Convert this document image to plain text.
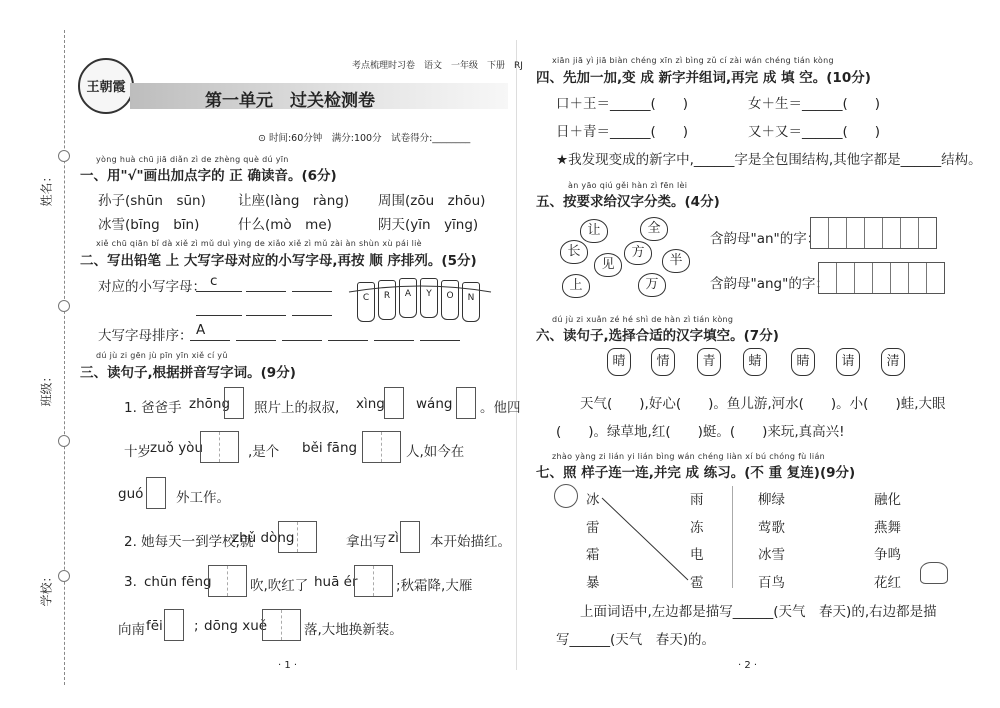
姓名：
班级：
学校：
王朝霞
考点梳理时习卷　语文　一年级　下册　RJ
第一单元　过关检测卷
⊙ 时间:60分钟　满分:100分　试卷得分:________
yòng huà chū jiā diǎn zì de zhèng què dú yīn
一、用"√"画出加点字的 正 确读音。(6分)
孙子(shūn　sūn) 让座(làng　ràng) 周围(zōu　zhōu)
冰雪(bīng　bīn)	什么(mò　me)	阴天(yīn　yīng)
xiě chū qiān bǐ dà xiě zì mǔ duì yìng de xiǎo xiě zì mǔ zài àn shùn xù pái liè
二、写出铅笔 上 大写字母对应的小写字母,再按 顺 序排列。(5分)
对应的小写字母： c
C	R	A	Y	O	N
大写字母排序： A
dú jù zi gēn jù pīn yīn xiě cí yǔ
三、读句子,根据拼音写字词。(9分)
1. 爸爸手 zhōng 照片上的叔叔, xìng wáng 。他四
十岁 zuǒ yòu	,是个 běi fāng	人,如今在
guó 外工作。
2. 她每天一到学校,就
zhǔ dòng	拿出写 zì 本开始描红。
3. chūn fēng	吹,吹红了 huā ér	;秋霜降,大雁
向南 fēi ; dōng xuě	落,大地换新装。
· 1 ·
xiān jiā yì jiā biàn chéng xīn zì bìng zǔ cí zài wán chéng tián kòng
四、先加一加,变 成 新字并组词,再完 成 填 空。(10分)
口＋王＝______(　　)	女＋生＝______(　　)
日＋青＝______(　　)	又＋又＝______(　　)
★我发现变成的新字中,______字是全包围结构,其他字都是______结构。
àn yāo qiú gěi hàn zì fēn lèi
五、按要求给汉字分类。(4分)
让	全
长
见
方
半
上	万
含韵母"an"的字：
含韵母"ang"的字：
dú jù zi xuǎn zé hé shì de hàn zì tián kòng
六、读句子,选择合适的汉字填空。(7分)
晴	情	青	蜻	睛	请	清
天气(　　),好心(　　)。鱼儿游,河水(　　)。小(　　)蛙,大眼
(　　)。绿草地,红(　　)蜓。(　　)来玩,真高兴!
zhào yàng zi lián yi lián bìng wán chéng liàn xí bú chóng fù lián
七、照 样子连一连,并完 成 练习。(不 重 复连)(9分)
冰
雷
霜
暴
雨
冻
电
雹
柳绿
莺歌
冰雪
百鸟
融化
燕舞
争鸣
花红
上面词语中,左边都是描写______(天气　春天)的,右边都是描
写______(天气　春天)的。
· 2 ·
